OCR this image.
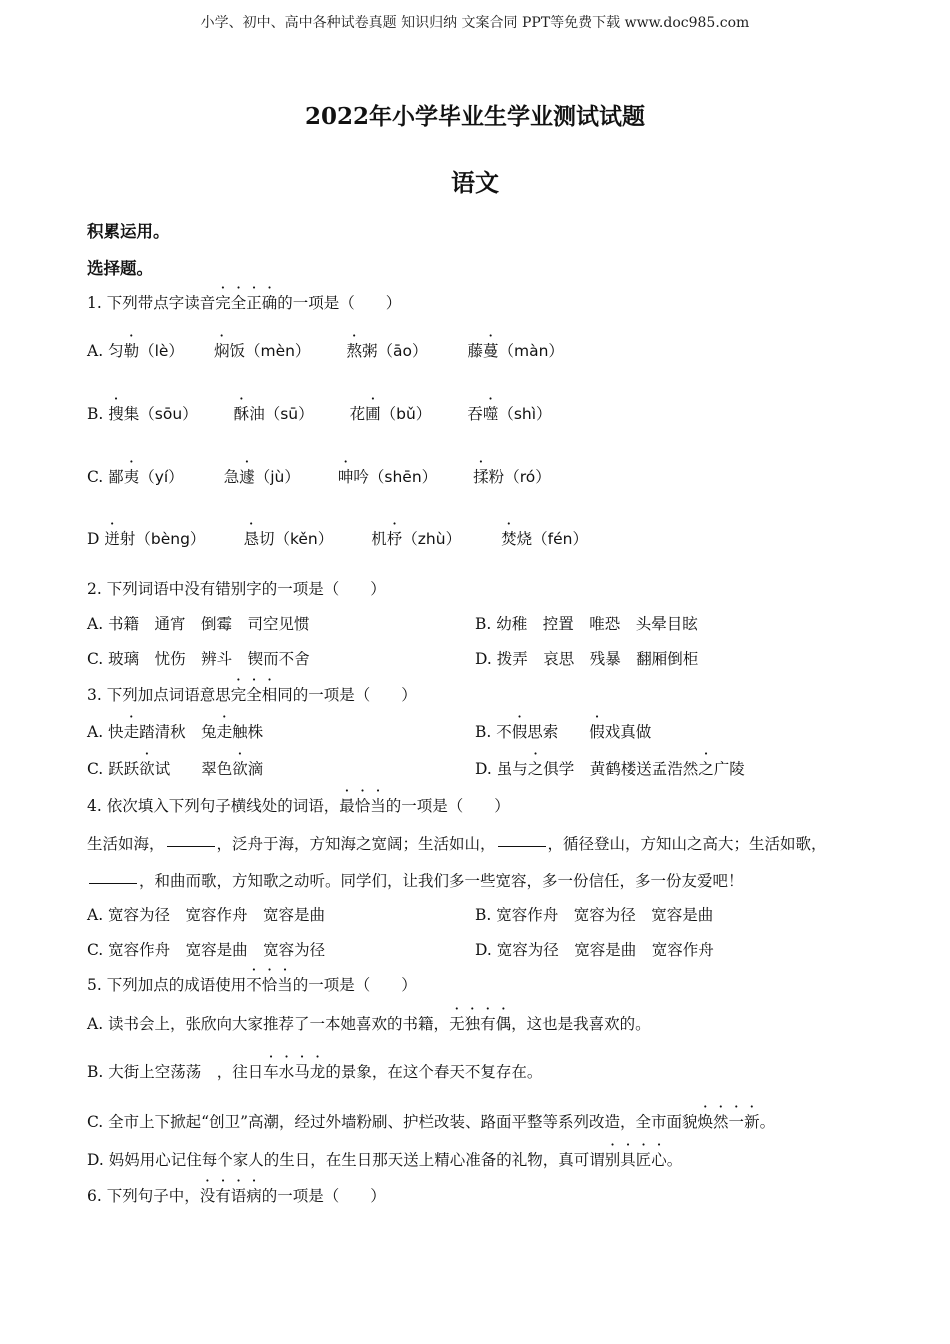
小学、初中、高中各种试卷真题 知识归纳 文案合同 PPT等免费下载 www.doc985.com
2022年小学毕业生学业测试试题
语文
积累运用。
选择题。
1. 下列带点字读音完全正确的一项是（　　）
A. 匀勒（lè） 焖饭（mèn） 熬粥（āo）	藤蔓（màn）
B. 搜集（sōu） 酥油（sū） 花圃（bǔ） 吞噬（shì）
C. 鄙夷（yí）	急遽（jù） 呻吟（shēn） 揉粉（ró）
D 迸射（bèng） 恳切（kěn） 机杼（zhù）	焚烧（fén）
2. 下列词语中没有错别字的一项是（　　）
A. 书籍　通宵　倒霉　司空见惯	B. 幼稚　控置　唯恐　头晕目眩
C. 玻璃　忧伤　辨斗　锲而不舍	D. 拨弄　哀思　残暴　翻厢倒柜
3. 下列加点词语意思完全相同的一项是（　　）
A. 快走踏清秋　兔走触株	B. 不假思索　　假戏真做
C. 跃跃欲试　　翠色欲滴	D. 虽与之俱学　黄鹤楼送孟浩然之广陵
4. 依次填入下列句子横线处的词语，最恰当的一项是（　　）
生活如海，	，泛舟于海，方知海之宽阔；生活如山，	，循径登山，方知山之高大；生活如歌，
，和曲而歌，方知歌之动听。同学们，让我们多一些宽容，多一份信任，多一份友爱吧！
A. 宽容为径　宽容作舟　宽容是曲	B. 宽容作舟　宽容为径　宽容是曲
C. 宽容作舟　宽容是曲　宽容为径	D. 宽容为径　宽容是曲　宽容作舟
5. 下列加点的成语使用不恰当的一项是（　　）
A. 读书会上，张欣向大家推荐了一本她喜欢的书籍，无独有偶，这也是我喜欢的。
B. 大街上空荡荡　，往日车水马龙的景象，在这个春天不复存在。
C. 全市上下掀起“创卫”高潮，经过外墙粉刷、护栏改装、路面平整等系列改造，全市面貌焕然一新。
D. 妈妈用心记住每个家人的生日，在生日那天送上精心准备的礼物，真可谓别具匠心。
6. 下列句子中，没有语病的一项是（　　）
